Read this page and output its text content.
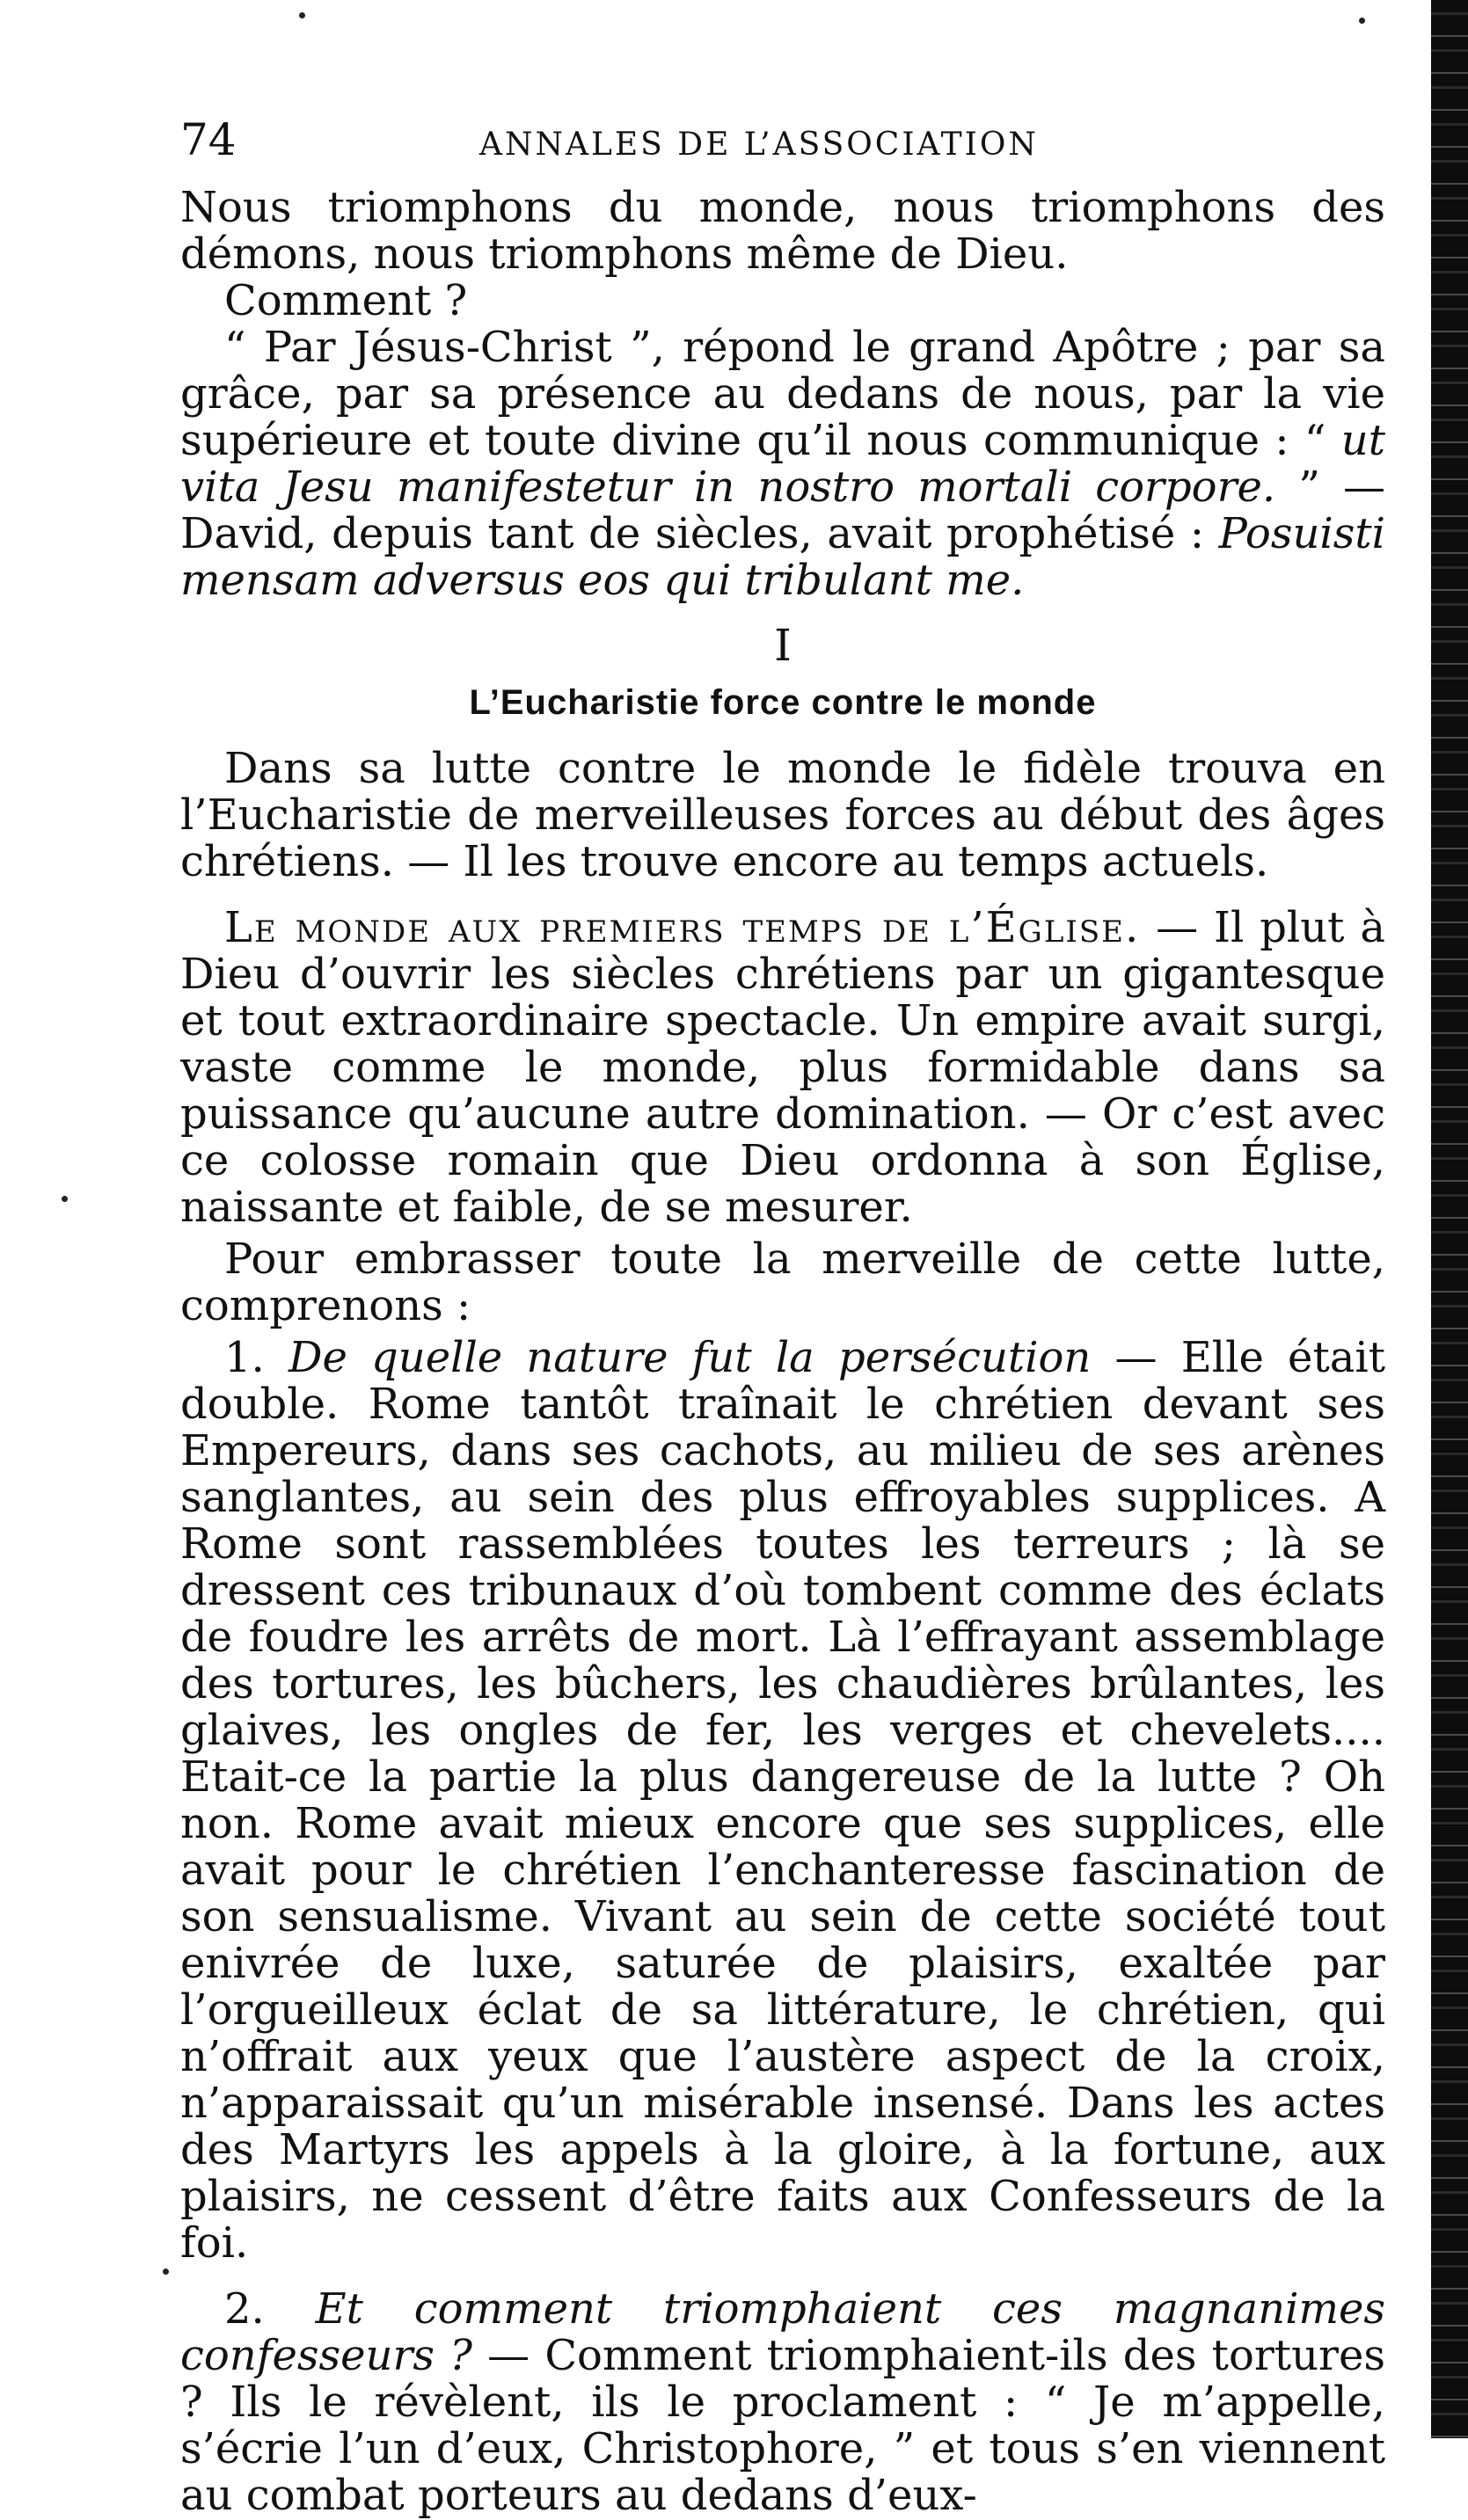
74	ANNALES DE L’ASSOCIATION

Nous triomphons du monde, nous triomphons des démons, nous triomphons même de Dieu.

Comment ?

“ Par Jésus-Christ ”, répond le grand Apôtre ; par sa grâce, par sa présence au dedans de nous, par la vie supérieure et toute divine qu’il nous communique : “ ut vita Jesu manifestetur in nostro mortali corpore. ” — David, depuis tant de siècles, avait prophétisé : Posuisti mensam adversus eos qui tribulant me.

I
L’Eucharistie force contre le monde

Dans sa lutte contre le monde le fidèle trouva en l’Eucharistie de merveilleuses forces au début des âges chrétiens. — Il les trouve encore au temps actuels.

Le monde aux premiers temps de l’Église. — Il plut à Dieu d’ouvrir les siècles chrétiens par un gigantesque et tout extraordinaire spectacle. Un empire avait surgi, vaste comme le monde, plus formidable dans sa puissance qu’aucune autre domination. — Or c’est avec ce colosse romain que Dieu ordonna à son Église, naissante et faible, de se mesurer.

Pour embrasser toute la merveille de cette lutte, comprenons :

1. De quelle nature fut la persécution — Elle était double. Rome tantôt traînait le chrétien devant ses Empereurs, dans ses cachots, au milieu de ses arènes sanglantes, au sein des plus effroyables supplices. A Rome sont rassemblées toutes les terreurs ; là se dressent ces tribunaux d’où tombent comme des éclats de foudre les arrêts de mort. Là l’effrayant assemblage des tortures, les bûchers, les chaudières brûlantes, les glaives, les ongles de fer, les verges et chevelets.... Etait-ce la partie la plus dangereuse de la lutte ? Oh non. Rome avait mieux encore que ses supplices, elle avait pour le chrétien l’enchanteresse fascination de son sensualisme. Vivant au sein de cette société tout enivrée de luxe, saturée de plaisirs, exaltée par l’orgueilleux éclat de sa littérature, le chrétien, qui n’offrait aux yeux que l’austère aspect de la croix, n’apparaissait qu’un misérable insensé. Dans les actes des Martyrs les appels à la gloire, à la fortune, aux plaisirs, ne cessent d’être faits aux Confesseurs de la foi.

2. Et comment triomphaient ces magnanimes confesseurs ? — Comment triomphaient-ils des tortures ? Ils le révèlent, ils le proclament : “ Je m’appelle, s’écrie l’un d’eux, Christophore, ” et tous s’en viennent au combat porteurs au dedans d’eux-
